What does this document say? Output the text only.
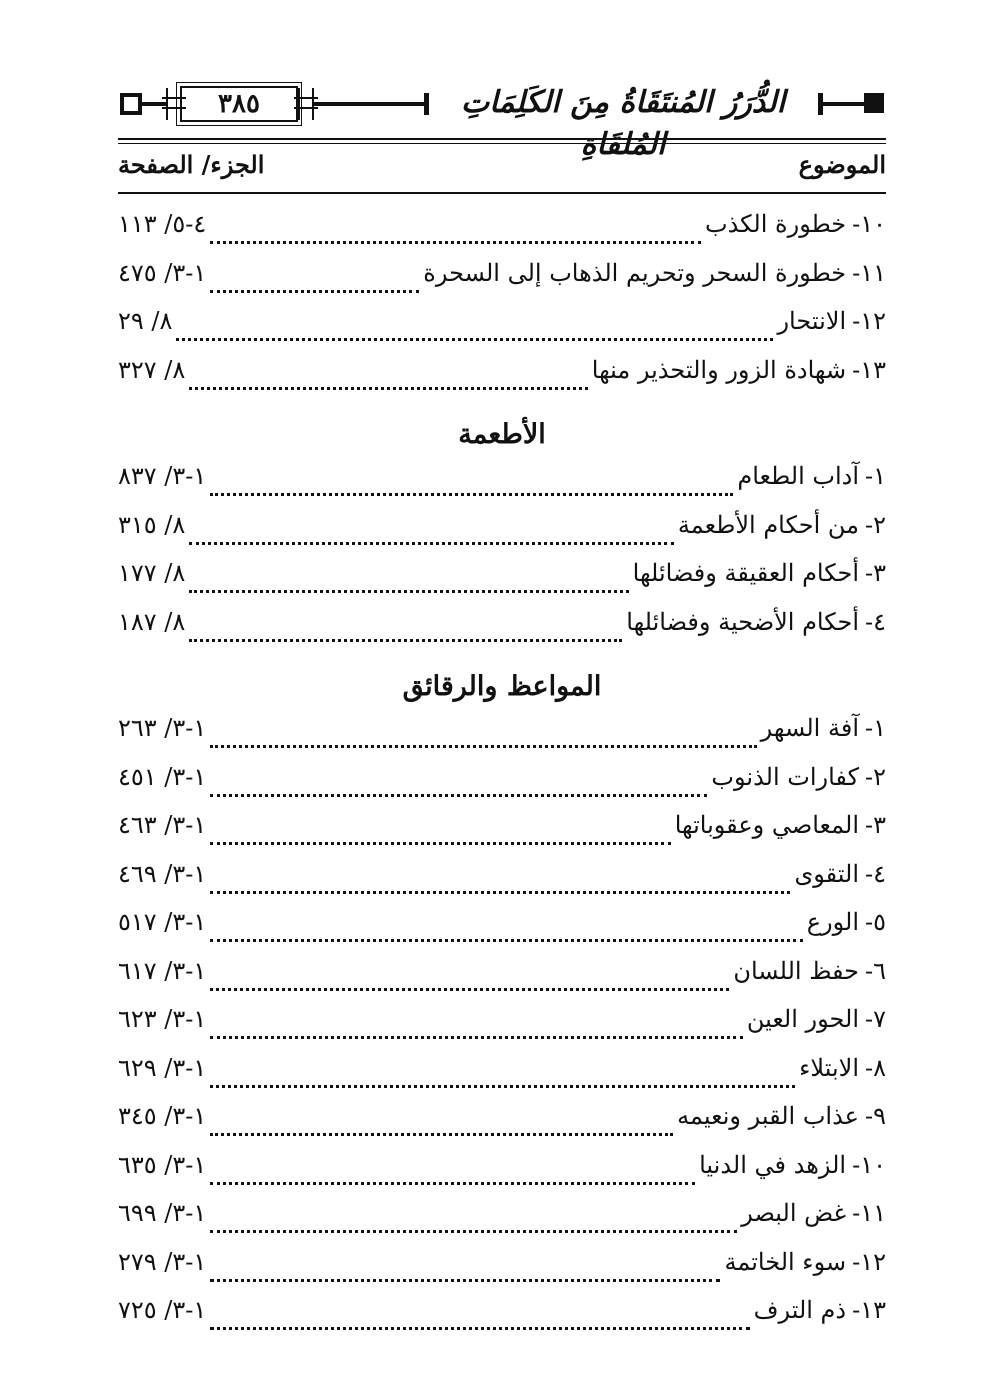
٣٨٥	الدُّرَرُ المُنتَقَاةُ مِنَ الكَلِمَاتِ المُلقَاةِ
الموضوع
الجزء/ الصفحة
١٠-
خطورة الكذب
٤-٥/ ١١٣
١١-
خطورة السحر وتحريم الذهاب إلى السحرة
١-٣/ ٤٧٥
١٢-
الانتحار
٨/ ٢٩
١٣-
شهادة الزور والتحذير منها
٨/ ٣٢٧
الأطعمة
١-
آداب الطعام
١-٣/ ٨٣٧
٢-
من أحكام الأطعمة
٨/ ٣١٥
٣-
أحكام العقيقة وفضائلها
٨/ ١٧٧
٤-
أحكام الأضحية وفضائلها
٨/ ١٨٧
المواعظ والرقائق
١-
آفة السهر
١-٣/ ٢٦٣
٢-
كفارات الذنوب
١-٣/ ٤٥١
٣-
المعاصي وعقوباتها
١-٣/ ٤٦٣
٤-
التقوى
١-٣/ ٤٦٩
٥-
الورع
١-٣/ ٥١٧
٦-
حفظ اللسان
١-٣/ ٦١٧
٧-
الحور العين
١-٣/ ٦٢٣
٨-
الابتلاء
١-٣/ ٦٢٩
٩-
عذاب القبر ونعيمه
١-٣/ ٣٤٥
١٠-
الزهد في الدنيا
١-٣/ ٦٣٥
١١-
غض البصر
١-٣/ ٦٩٩
١٢-
سوء الخاتمة
١-٣/ ٢٧٩
١٣-
ذم الترف
١-٣/ ٧٢٥
